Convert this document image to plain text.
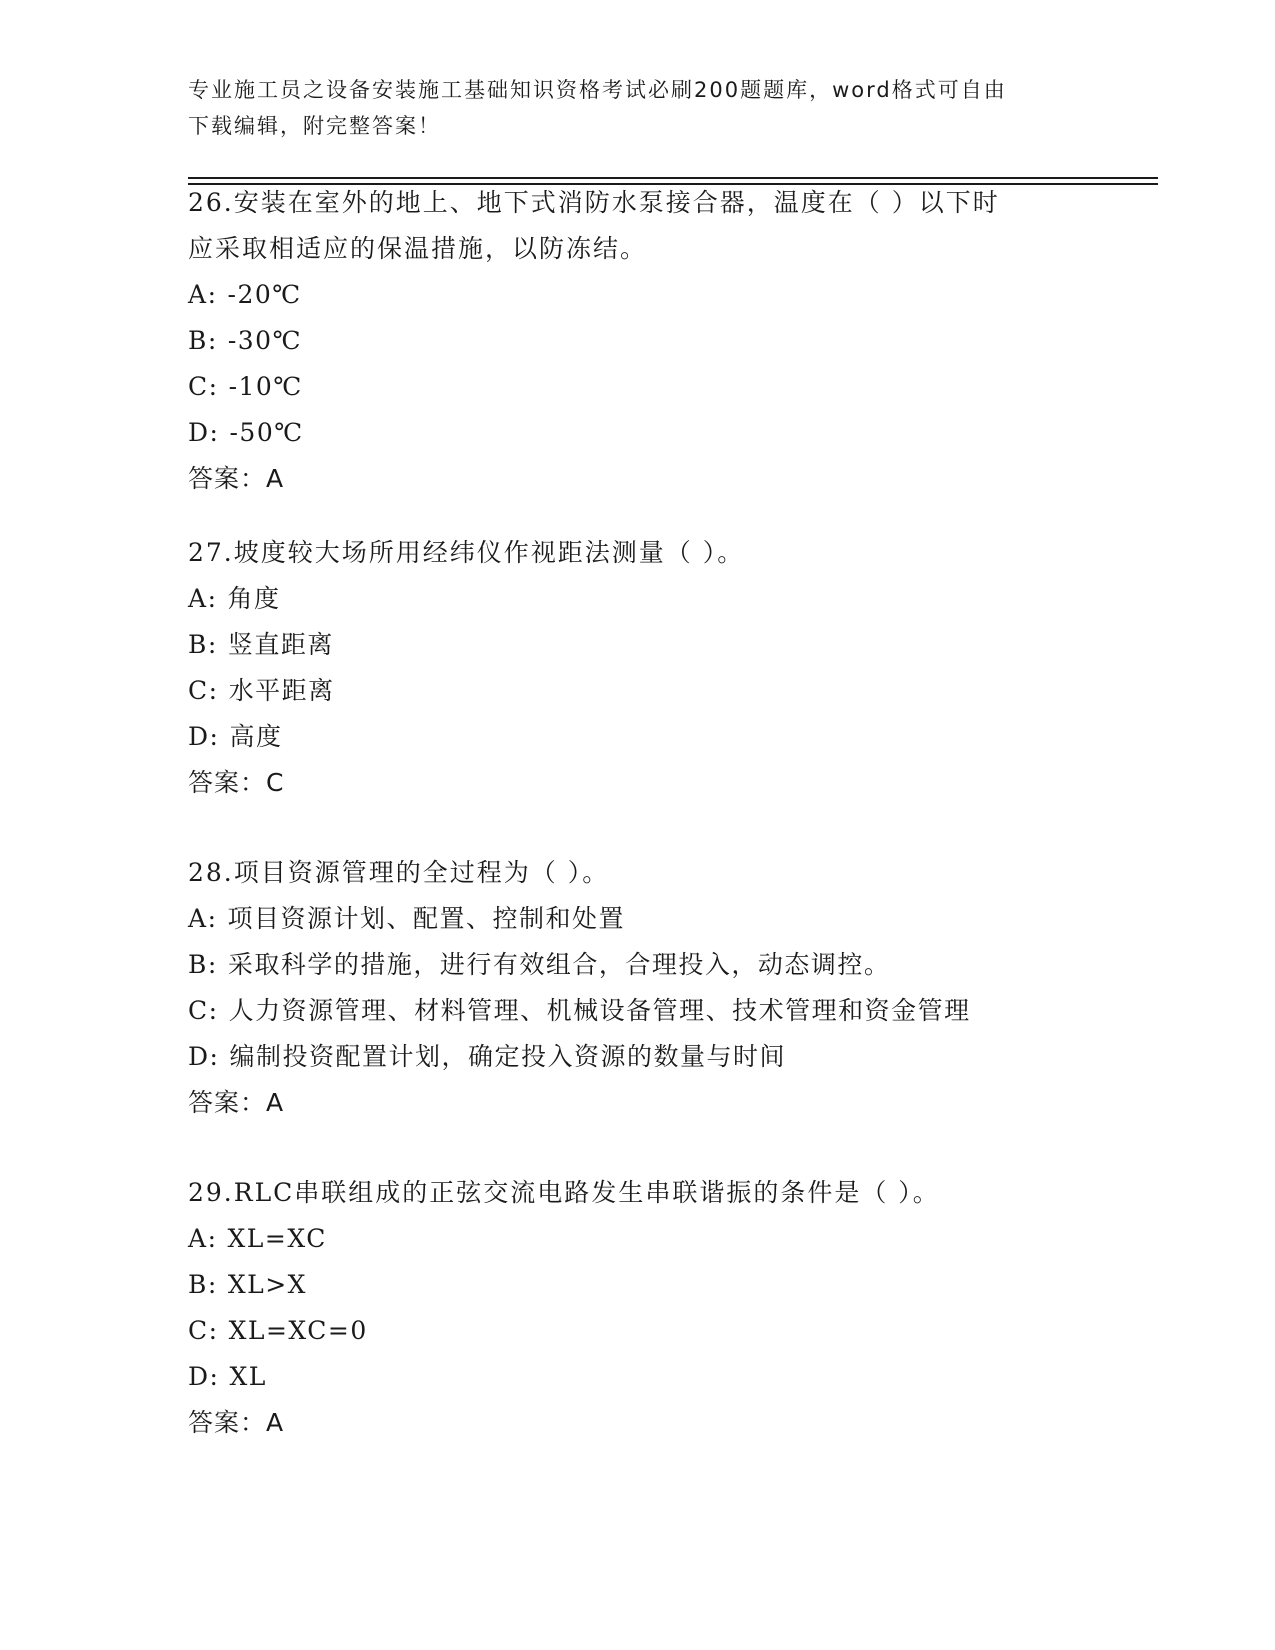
专业施工员之设备安装施工基础知识资格考试必刷200题题库，word格式可自由
下载编辑，附完整答案！
26.安装在室外的地上、地下式消防水泵接合器，温度在（ ）以下时
应采取相适应的保温措施，以防冻结。
A: -20℃
B: -30℃
C: -10℃
D: -50℃
答案：A
27.坡度较大场所用经纬仪作视距法测量（ ）。
A: 角度
B: 竖直距离
C: 水平距离
D: 高度
答案：C
28.项目资源管理的全过程为（ ）。
A: 项目资源计划、配置、控制和处置
B: 采取科学的措施，进行有效组合，合理投入，动态调控。
C: 人力资源管理、材料管理、机械设备管理、技术管理和资金管理
D: 编制投资配置计划，确定投入资源的数量与时间
答案：A
29.RLC串联组成的正弦交流电路发生串联谐振的条件是（ ）。
A: XL=XC
B: XL>X
C: XL=XC=0
D: XL
答案：A
